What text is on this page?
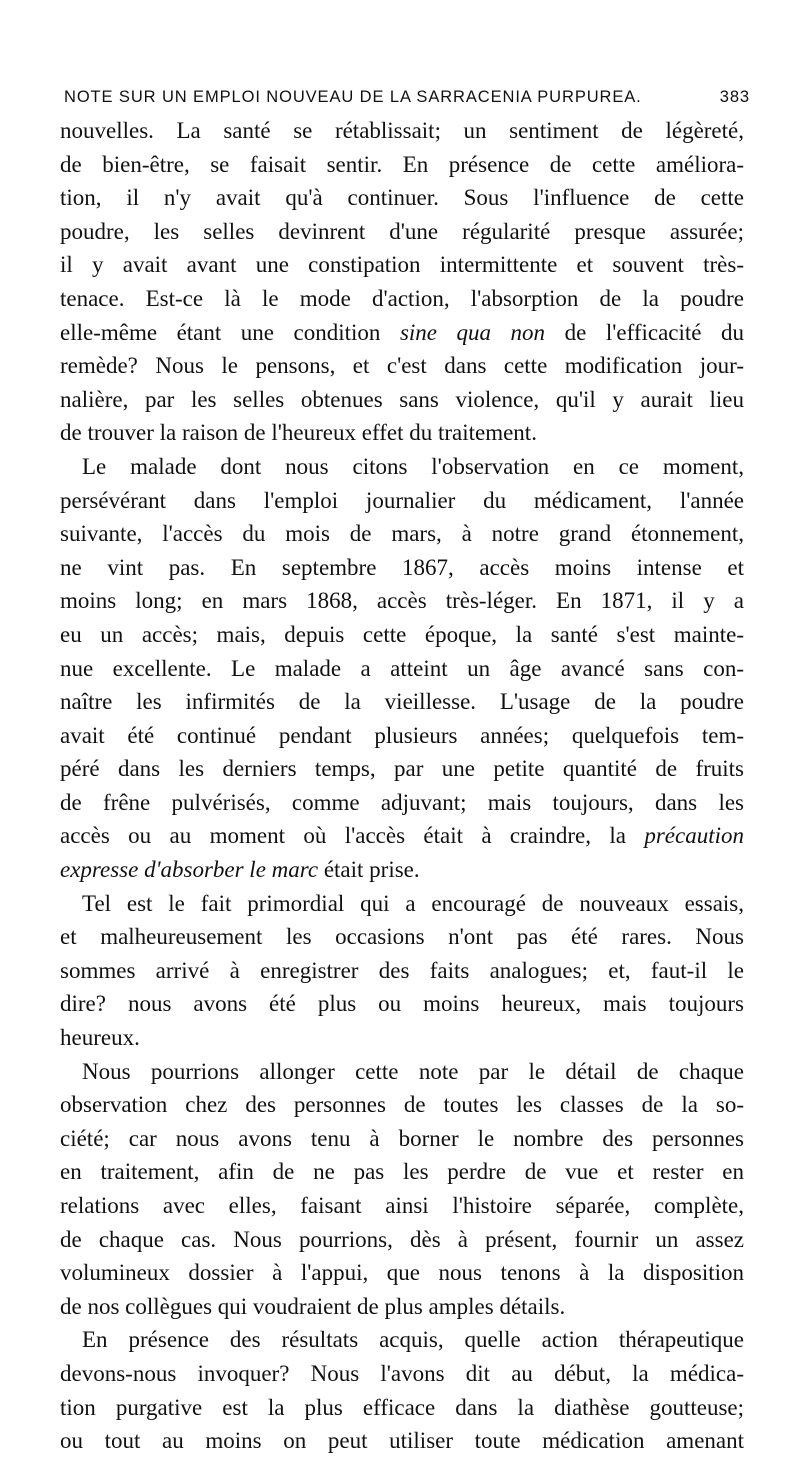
NOTE SUR UN EMPLOI NOUVEAU DE LA SARRACENIA PURPUREA.	383
nouvelles. La santé se rétablissait; un sentiment de légèreté,
de bien-être, se faisait sentir. En présence de cette améliora-
tion, il n'y avait qu'à continuer. Sous l'influence de cette
poudre, les selles devinrent d'une régularité presque assurée;
il y avait avant une constipation intermittente et souvent très-
tenace. Est-ce là le mode d'action, l'absorption de la poudre
elle-même étant une condition sine qua non de l'efficacité du
remède? Nous le pensons, et c'est dans cette modification jour-
nalière, par les selles obtenues sans violence, qu'il y aurait lieu
de trouver la raison de l'heureux effet du traitement.
Le malade dont nous citons l'observation en ce moment,
persévérant dans l'emploi journalier du médicament, l'année
suivante, l'accès du mois de mars, à notre grand étonnement,
ne vint pas. En septembre 1867, accès moins intense et
moins long; en mars 1868, accès très-léger. En 1871, il y a
eu un accès; mais, depuis cette époque, la santé s'est mainte-
nue excellente. Le malade a atteint un âge avancé sans con-
naître les infirmités de la vieillesse. L'usage de la poudre
avait été continué pendant plusieurs années; quelquefois tem-
péré dans les derniers temps, par une petite quantité de fruits
de frêne pulvérisés, comme adjuvant; mais toujours, dans les
accès ou au moment où l'accès était à craindre, la précaution
expresse d'absorber le marc était prise.
Tel est le fait primordial qui a encouragé de nouveaux essais,
et malheureusement les occasions n'ont pas été rares. Nous
sommes arrivé à enregistrer des faits analogues; et, faut-il le
dire? nous avons été plus ou moins heureux, mais toujours
heureux.
Nous pourrions allonger cette note par le détail de chaque
observation chez des personnes de toutes les classes de la so-
ciété; car nous avons tenu à borner le nombre des personnes
en traitement, afin de ne pas les perdre de vue et rester en
relations avec elles, faisant ainsi l'histoire séparée, complète,
de chaque cas. Nous pourrions, dès à présent, fournir un assez
volumineux dossier à l'appui, que nous tenons à la disposition
de nos collègues qui voudraient de plus amples détails.
En présence des résultats acquis, quelle action thérapeutique
devons-nous invoquer? Nous l'avons dit au début, la médica-
tion purgative est la plus efficace dans la diathèse goutteuse;
ou tout au moins on peut utiliser toute médication amenant
